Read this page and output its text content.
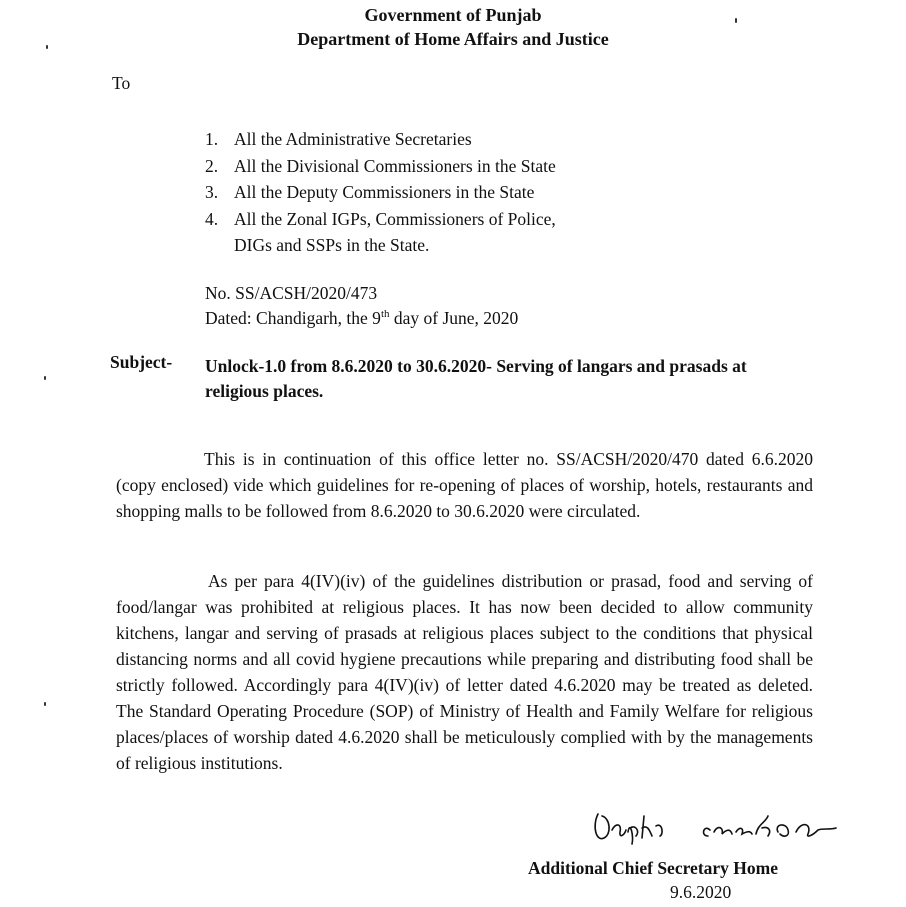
Government of Punjab
Department of Home Affairs and Justice
To
1. All the Administrative Secretaries
2. All the Divisional Commissioners in the State
3. All the Deputy Commissioners in the State
4. All the Zonal IGPs, Commissioners of Police,
DIGs and SSPs in the State.
No. SS/ACSH/2020/473
Dated: Chandigarh, the 9th day of June, 2020
Subject- Unlock-1.0 from 8.6.2020 to 30.6.2020- Serving of langars and prasads at religious places.
This is in continuation of this office letter no. SS/ACSH/2020/470 dated 6.6.2020 (copy enclosed) vide which guidelines for re-opening of places of worship, hotels, restaurants and shopping malls to be followed from 8.6.2020 to 30.6.2020 were circulated.
As per para 4(IV)(iv) of the guidelines distribution or prasad, food and serving of food/langar was prohibited at religious places. It has now been decided to allow community kitchens, langar and serving of prasads at religious places subject to the conditions that physical distancing norms and all covid hygiene precautions while preparing and distributing food shall be strictly followed. Accordingly para 4(IV)(iv) of letter dated 4.6.2020 may be treated as deleted. The Standard Operating Procedure (SOP) of Ministry of Health and Family Welfare for religious places/places of worship dated 4.6.2020 shall be meticulously complied with by the managements of religious institutions.
Additional Chief Secretary Home
9.6.2020
